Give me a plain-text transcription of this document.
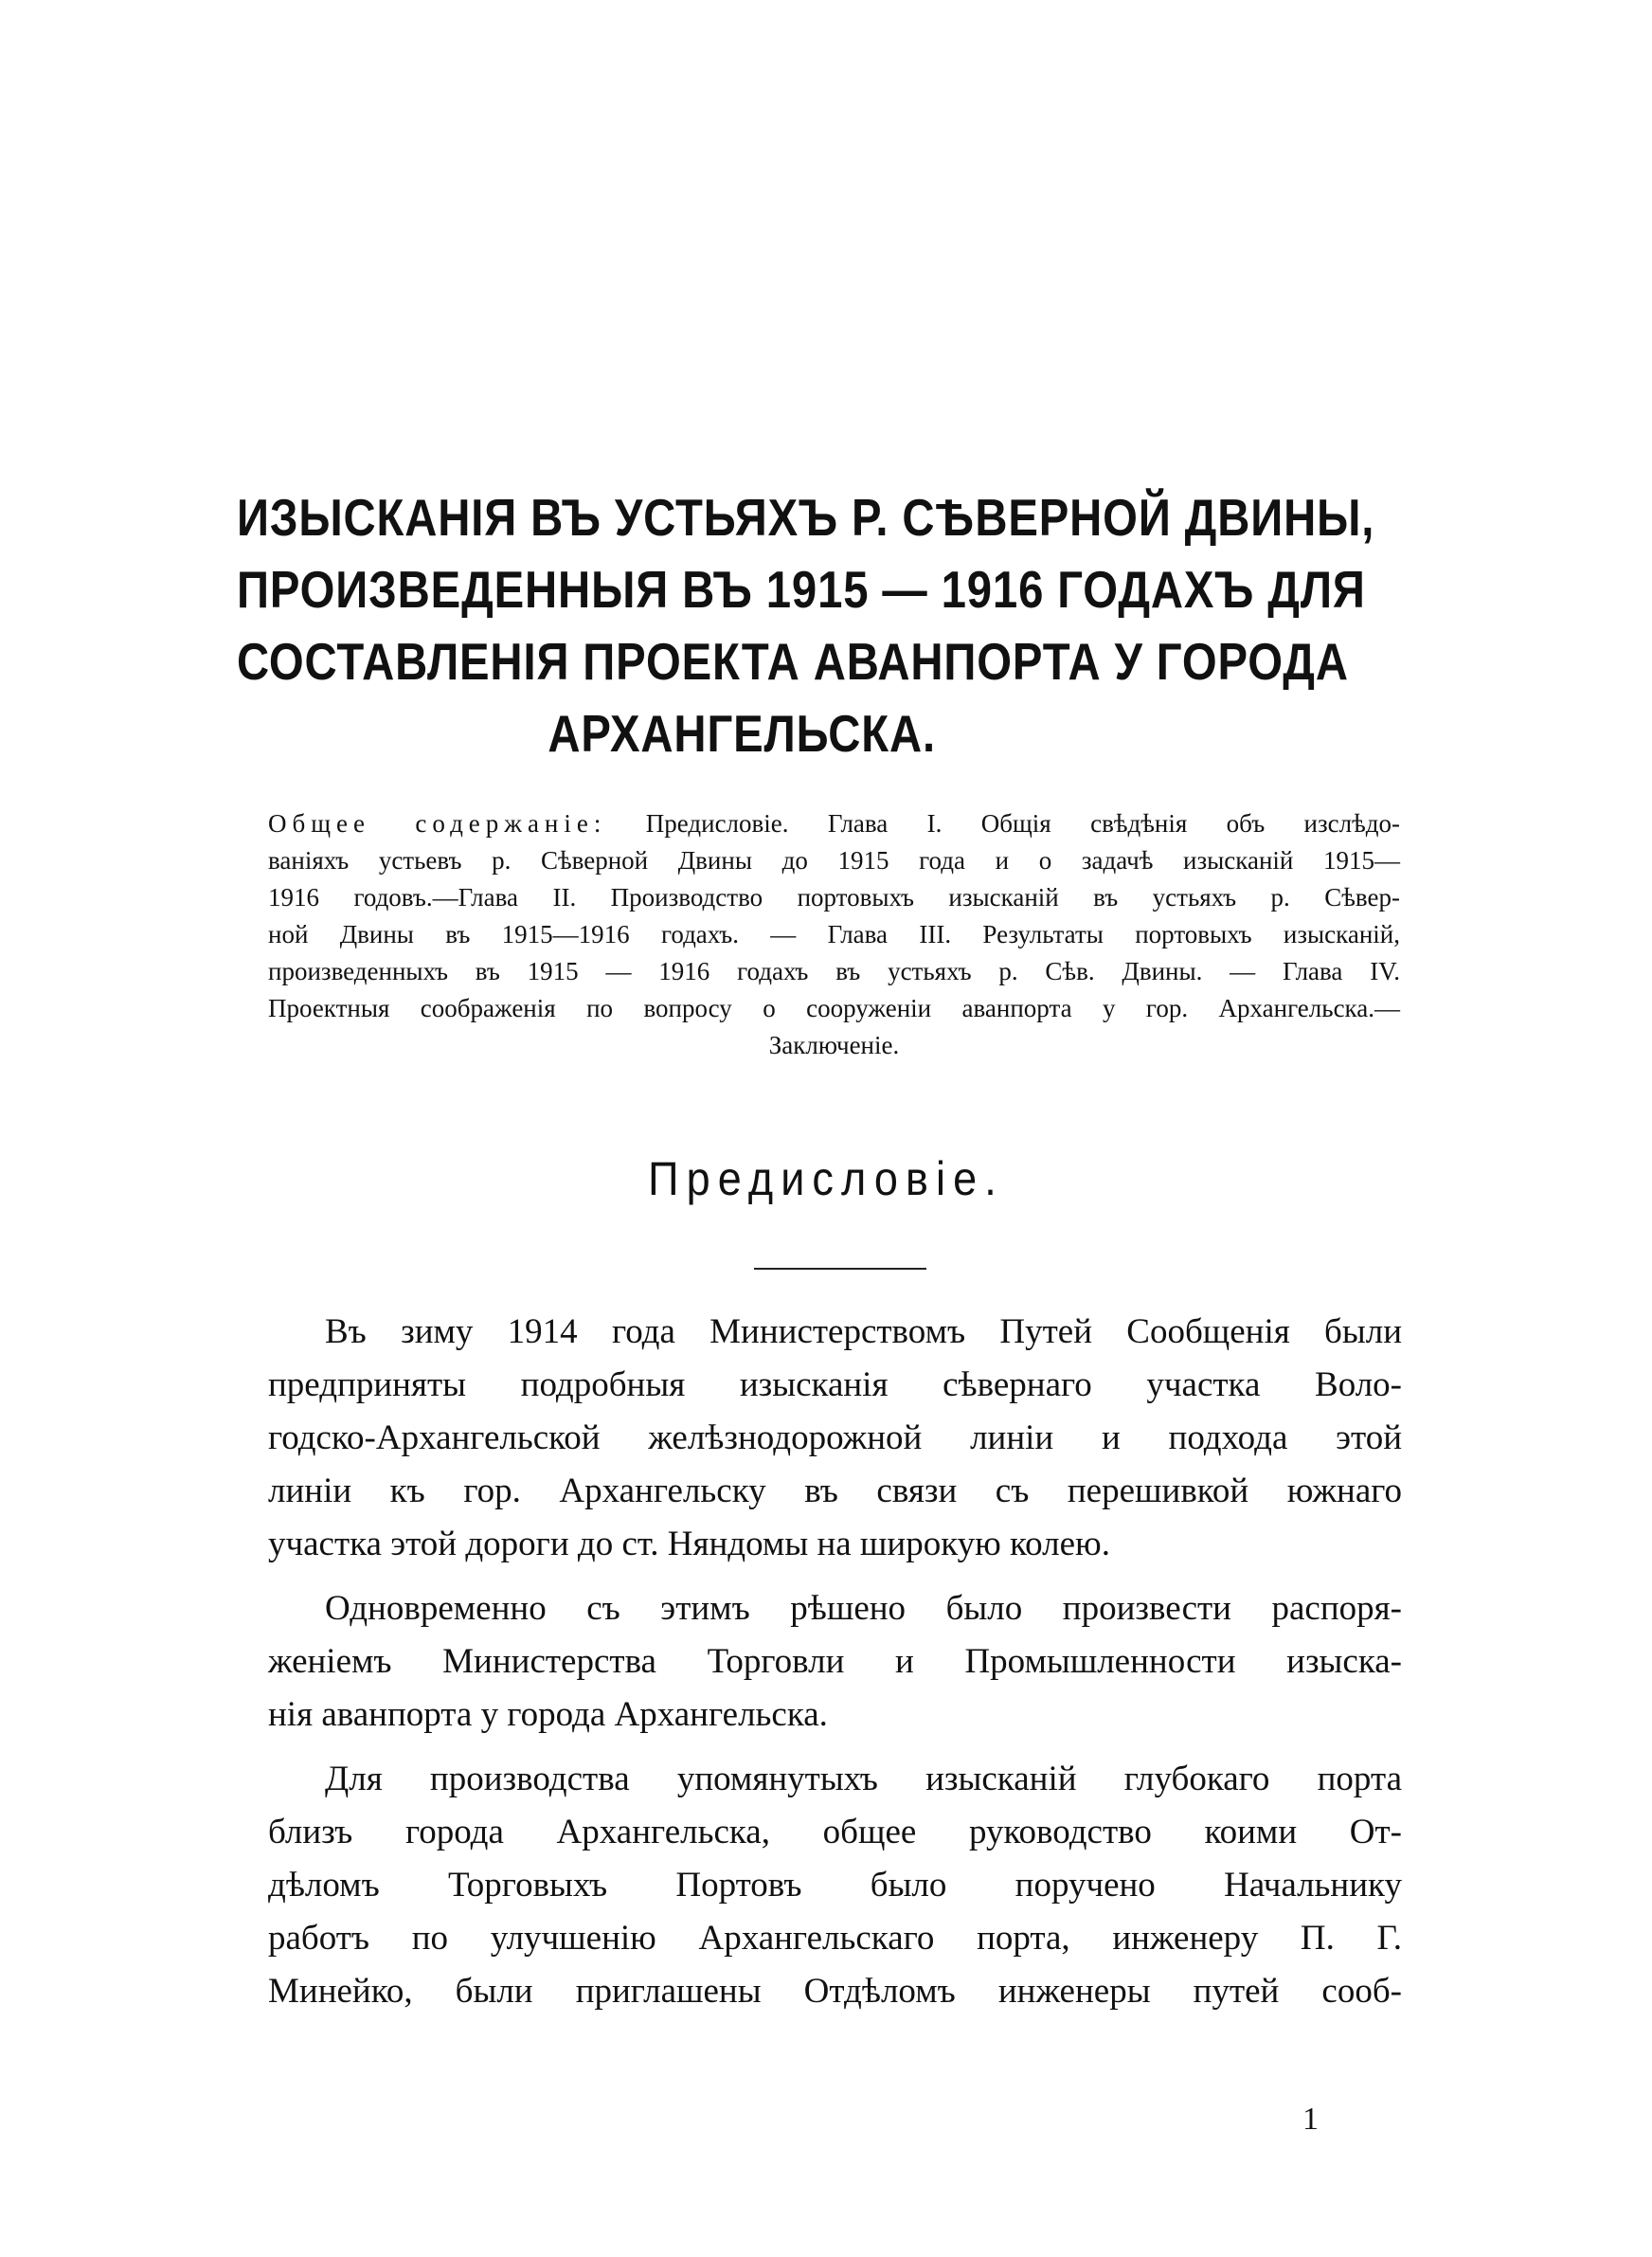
ИЗЫСКАНІЯ ВЪ УСТЬЯХЪ Р. СѢВЕРНОЙ ДВИНЫ,
ПРОИЗВЕДЕННЫЯ ВЪ 1915 — 1916 ГОДАХЪ ДЛЯ
СОСТАВЛЕНІЯ ПРОЕКТА АВАНПОРТА У ГОРОДА
АРХАНГЕЛЬСКА.
Общее содержаніе: Предисловіе. Глава I. Общія свѣдѣнія объ изслѣдо-
ваніяхъ устьевъ р. Сѣверной Двины до 1915 года и о задачѣ изысканій 1915—
1916 годовъ.—Глава II. Производство портовыхъ изысканій въ устьяхъ р. Сѣвер-
ной Двины въ 1915—1916 годахъ. — Глава III. Результаты портовыхъ изысканій,
произведенныхъ въ 1915 — 1916 годахъ въ устьяхъ р. Сѣв. Двины. — Глава IV.
Проектныя соображенія по вопросу о сооруженіи аванпорта у гор. Архангельска.—
Заключеніе.
Предисловіе.
Въ зиму 1914 года Министерствомъ Путей Сообщенія были
предприняты подробныя изысканія сѣвернаго участка Воло-
годско-Архангельской желѣзнодорожной линіи и подхода этой
линіи къ гор. Архангельску въ связи съ перешивкой южнаго
участка этой дороги до ст. Няндомы на широкую колею.
Одновременно съ этимъ рѣшено было произвести распоря-
женіемъ Министерства Торговли и Промышленности изыска-
нія аванпорта у города Архангельска.
Для производства упомянутыхъ изысканій глубокаго порта
близъ города Архангельска, общее руководство коими От-
дѣломъ Торговыхъ Портовъ было поручено Начальнику
работъ по улучшенію Архангельскаго порта, инженеру П. Г.
Минейко, были приглашены Отдѣломъ инженеры путей сооб-
1
